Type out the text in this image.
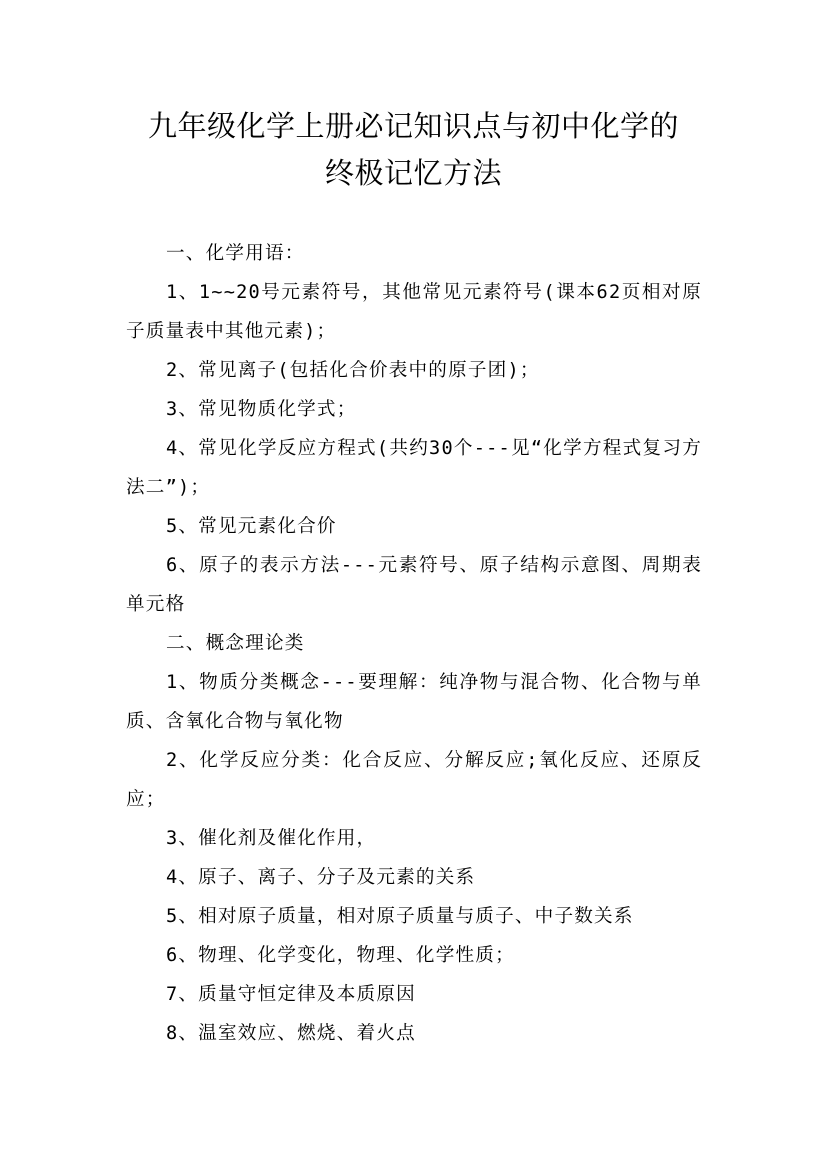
九年级化学上册必记知识点与初中化学的
终极记忆方法

一、化学用语：

1、1~~20号元素符号，其他常见元素符号(课本62页相对原子质量表中其他元素)；

2、常见离子(包括化合价表中的原子团)；

3、常见物质化学式；

4、常见化学反应方程式(共约30个---见“化学方程式复习方法二”)；

5、常见元素化合价

6、原子的表示方法---元素符号、原子结构示意图、周期表单元格

二、概念理论类

1、物质分类概念---要理解：纯净物与混合物、化合物与单质、含氧化合物与氧化物

2、化学反应分类：化合反应、分解反应;氧化反应、还原反应；

3、催化剂及催化作用，

4、原子、离子、分子及元素的关系

5、相对原子质量，相对原子质量与质子、中子数关系

6、物理、化学变化，物理、化学性质；

7、质量守恒定律及本质原因

8、温室效应、燃烧、着火点
